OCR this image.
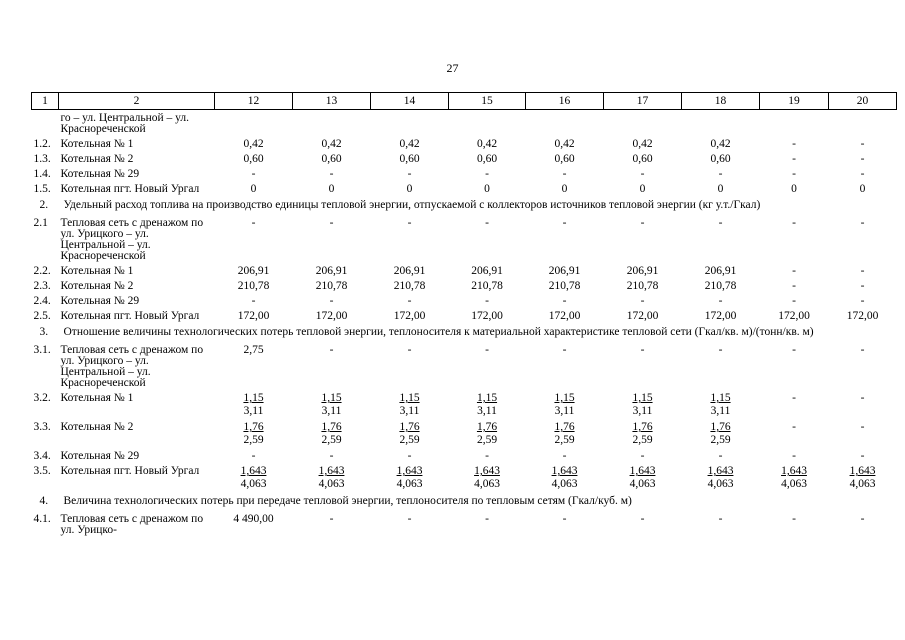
27
1	2	12	13	14	15	16	17	18	19	20
	го – ул. Центральной – ул. Краснореченской									
1.2.	Котельная № 1	0,42	0,42	0,42	0,42	0,42	0,42	0,42	-	-
1.3.	Котельная № 2	0,60	0,60	0,60	0,60	0,60	0,60	0,60	-	-
1.4.	Котельная № 29	-	-	-	-	-	-	-	-	-
1.5.	Котельная пгт. Новый Ургал	0	0	0	0	0	0	0	0	0
2. Удельный расход топлива на производство единицы тепловой энергии, отпускаемой с коллекторов источников тепловой энергии (кг у.т./Гкал)										
2.1	Тепловая сеть с дренажом по ул. Урицкого – ул. Центральной – ул. Краснореченской	-	-	-	-	-	-	-	-	-
2.2.	Котельная № 1	206,91	206,91	206,91	206,91	206,91	206,91	206,91	-	-
2.3.	Котельная № 2	210,78	210,78	210,78	210,78	210,78	210,78	210,78	-	-
2.4.	Котельная № 29	-	-	-	-	-	-	-	-	-
2.5.	Котельная пгт. Новый Ургал	172,00	172,00	172,00	172,00	172,00	172,00	172,00	172,00	172,00
3. Отношение величины технологических потерь тепловой энергии, теплоносителя к материальной характеристике тепловой сети (Гкал/кв. м)/(тонн/кв. м)										
3.1.	Тепловая сеть с дренажом по ул. Урицкого – ул. Центральной – ул. Краснореченской	2,75	-	-	-	-	-	-	-	-
3.2.	Котельная № 1	1,15	1,15	1,15	1,15	1,15	1,15	1,15	-	-
		3,11	3,11	3,11	3,11	3,11	3,11	3,11		
3.3.	Котельная № 2	1,76	1,76	1,76	1,76	1,76	1,76	1,76	-	-
		2,59	2,59	2,59	2,59	2,59	2,59	2,59		
3.4.	Котельная № 29	-	-	-	-	-	-	-	-	-
3.5.	Котельная пгт. Новый Ургал	1,643	1,643	1,643	1,643	1,643	1,643	1,643	1,643	1,643
		4,063	4,063	4,063	4,063	4,063	4,063	4,063	4,063	4,063
4. Величина технологических потерь при передаче тепловой энергии, теплоносителя по тепловым сетям (Гкал/куб. м)										
4.1.	Тепловая сеть с дренажом по ул. Урицко-	4 490,00	-	-	-	-	-	-	-	-
